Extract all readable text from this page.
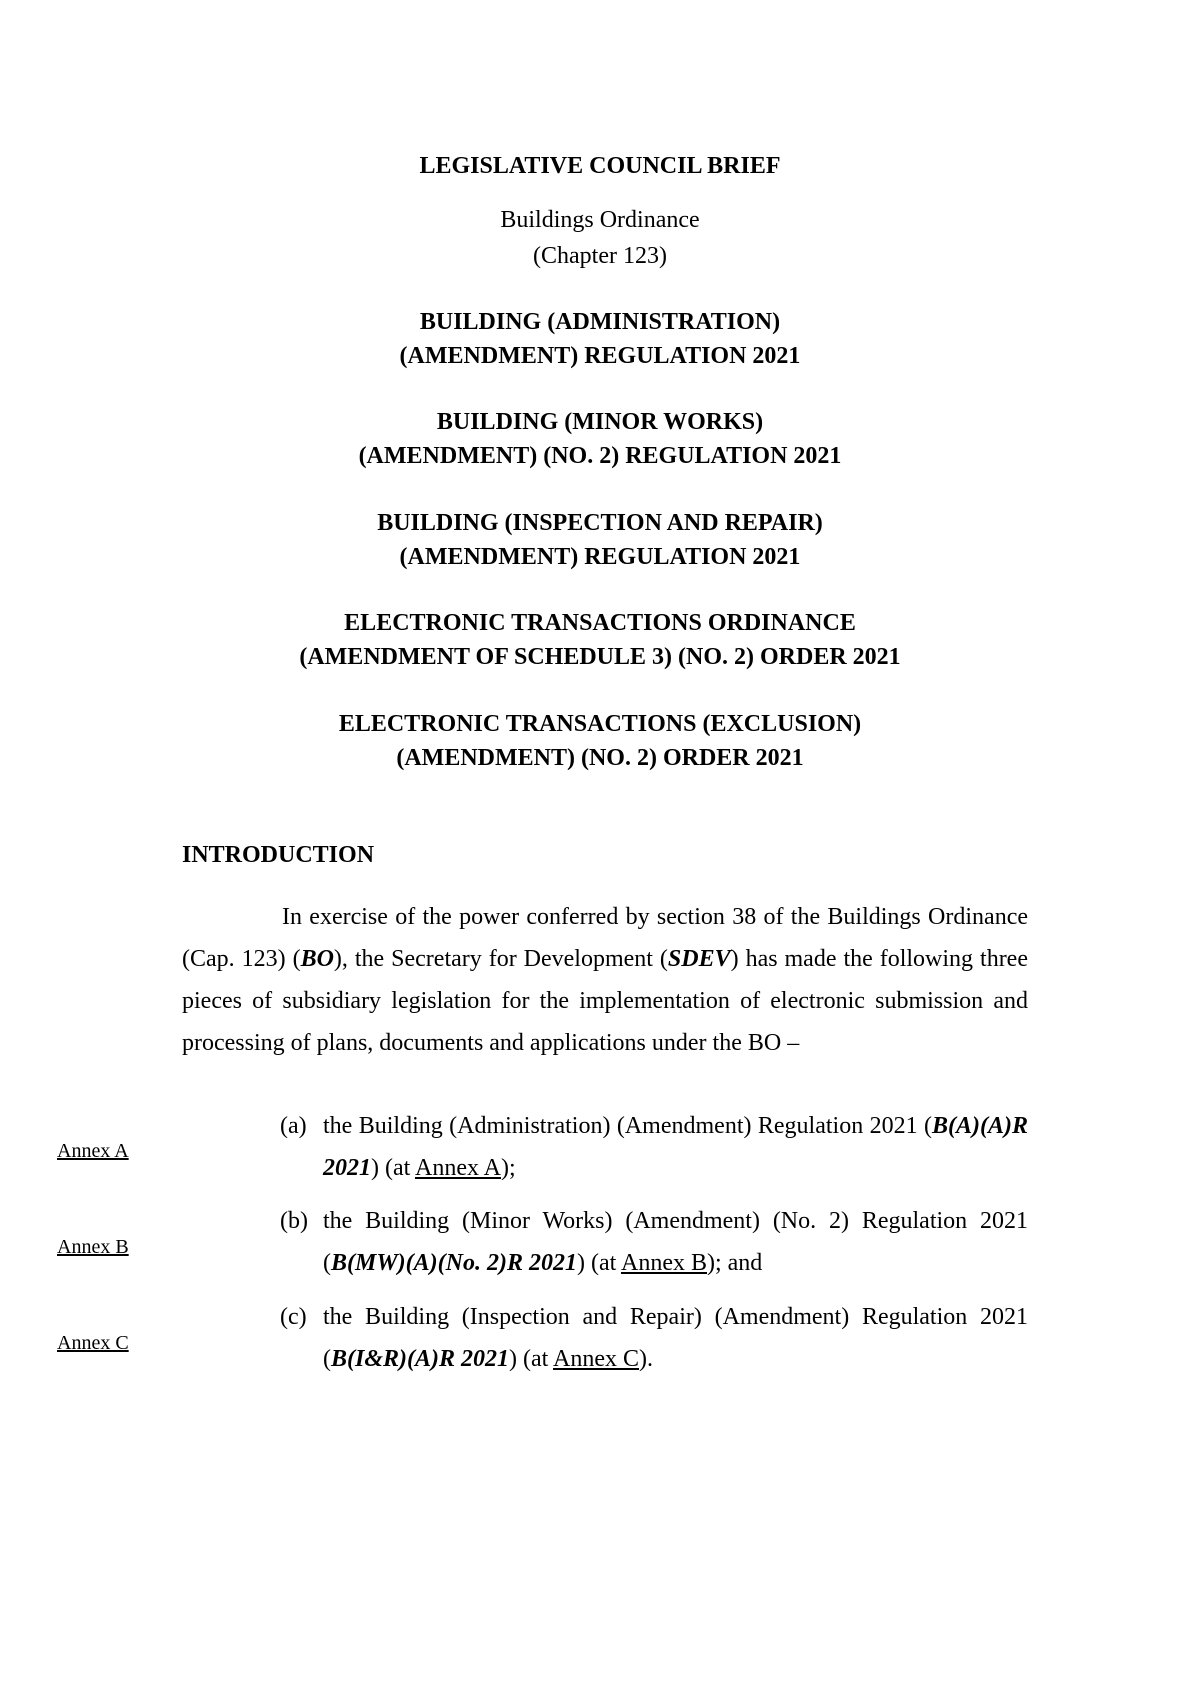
LEGISLATIVE COUNCIL BRIEF
Buildings Ordinance
(Chapter 123)
BUILDING (ADMINISTRATION)
(AMENDMENT) REGULATION 2021
BUILDING (MINOR WORKS)
(AMENDMENT) (NO. 2) REGULATION 2021
BUILDING (INSPECTION AND REPAIR)
(AMENDMENT) REGULATION 2021
ELECTRONIC TRANSACTIONS ORDINANCE
(AMENDMENT OF SCHEDULE 3) (NO. 2) ORDER 2021
ELECTRONIC TRANSACTIONS (EXCLUSION)
(AMENDMENT) (NO. 2) ORDER 2021
INTRODUCTION
In exercise of the power conferred by section 38 of the Buildings Ordinance (Cap. 123) (BO), the Secretary for Development (SDEV) has made the following three pieces of subsidiary legislation for the implementation of electronic submission and processing of plans, documents and applications under the BO –
Annex A
(a) the Building (Administration) (Amendment) Regulation 2021 (B(A)(A)R 2021) (at Annex A);
Annex B
(b) the Building (Minor Works) (Amendment) (No. 2) Regulation 2021 (B(MW)(A)(No. 2)R 2021) (at Annex B); and
Annex C
(c) the Building (Inspection and Repair) (Amendment) Regulation 2021 (B(I&R)(A)R 2021) (at Annex C).
